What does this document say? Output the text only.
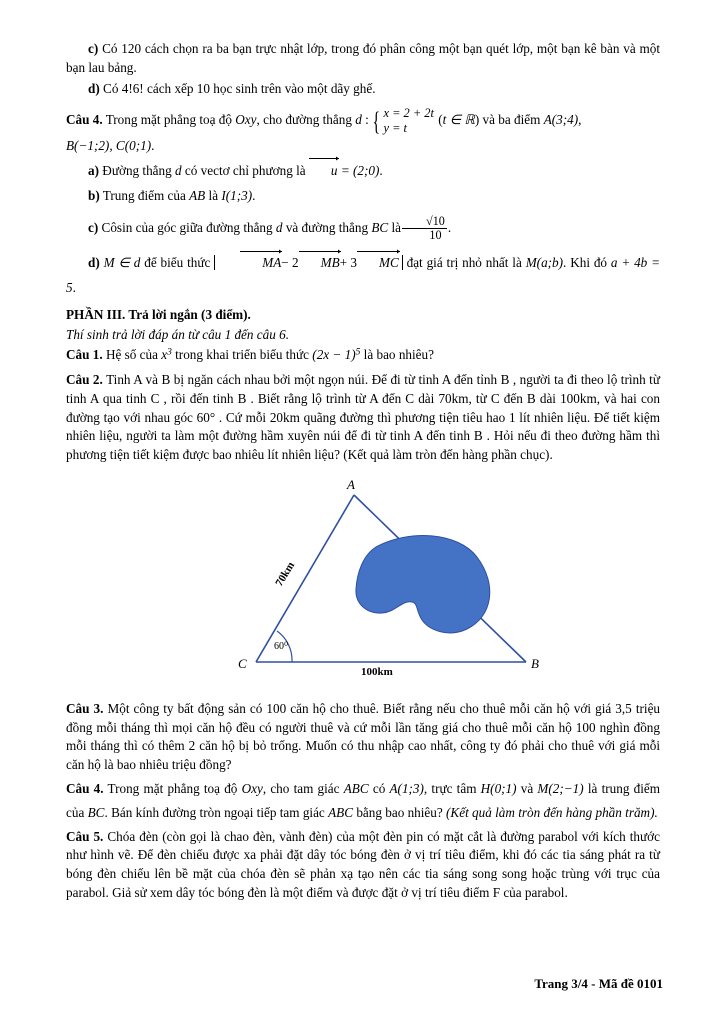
c) Có 120 cách chọn ra ba bạn trực nhật lớp, trong đó phân công một bạn quét lớp, một bạn kê bàn và một bạn lau bảng.

d) Có 4!6! cách xếp 10 học sinh trên vào một dãy ghế.

Câu 4. Trong mặt phẳng toạ độ Oxy, cho đường thẳng d : { x = 2 + 2t
y = t
(t ∈ ℝ) và ba điểm A(3;4),

B(−1;2), C(0;1).

a) Đường thẳng d có vectơ chỉ phương là u = (2;0).

b) Trung điểm của AB là I(1;3).

c) Côsin của góc giữa đường thẳng d và đường thẳng BC là $\frac{√10}{10}$ .

d) M ∈ d để biểu thức	MA− 2 MB+ 3 MC đạt giá trị nhỏ nhất là M(a;b). Khi đó a + 4b = 5.

PHẦN III. Trả lời ngắn (3 điểm).

Thí sinh trả lời đáp án từ câu 1 đến câu 6.

Câu 1. Hệ số của $x^3$ trong khai triển biểu thức $(2x - 1)^5$ là bao nhiêu?

Câu 2. Tinh A và B bị ngăn cách nhau bởi một ngọn núi. Để đi từ tinh A đến tỉnh B , người ta đi theo lộ trình từ tinh A qua tinh C , rồi đến tinh B . Biết rằng lộ trình từ A đến C dài 70km, từ C đến B dài 100km, và hai con đường tạo với nhau góc 60° . Cứ mỗi 20km quãng đường thì phương tiện tiêu hao 1 lít nhiên liệu. Để tiết kiệm nhiên liệu, người ta làm một đường hầm xuyên núi để đi từ tinh A đến tinh B . Hỏi nếu đi theo đường hầm thì phương tiện tiết kiệm được bao nhiêu lít nhiên liệu? (Kết quả làm tròn đến hàng phần chục).

A
B
C
70km
100km
60⁰

Câu 3. Một công ty bất động sản có 100 căn hộ cho thuê. Biết rằng nếu cho thuê mỗi căn hộ với giá 3,5 triệu đồng mỗi tháng thì mọi căn hộ đều có người thuê và cứ mỗi lần tăng giá cho thuê mỗi căn hộ 100 nghìn đồng mỗi tháng thì có thêm 2 căn hộ bị bỏ trống. Muốn có thu nhập cao nhất, công ty đó phải cho thuê với giá mỗi căn hộ là bao nhiêu triệu đồng?

Câu 4. Trong mặt phẳng toạ độ Oxy, cho tam giác ABC có A(1;3), trực tâm H(0;1) và M(2;−1) là trung điểm của BC. Bán kính đường tròn ngoại tiếp tam giác ABC bằng bao nhiêu? (Kết quả làm tròn đến hàng phần trăm).

Câu 5. Chóa đèn (còn gọi là chao đèn, vành đèn) của một đèn pin có mặt cắt là đường parabol với kích thước như hình vẽ. Để đèn chiếu được xa phải đặt dây tóc bóng đèn ở vị trí tiêu điểm, khi đó các tia sáng phát ra từ bóng đèn chiếu lên bề mặt của chóa đèn sẽ phản xạ tạo nên các tia sáng song song hoặc trùng với trục của parabol. Giả sử xem dây tóc bóng đèn là một điểm và được đặt ở vị trí tiêu điểm F của parabol.

Trang 3/4 - Mã đề 0101
